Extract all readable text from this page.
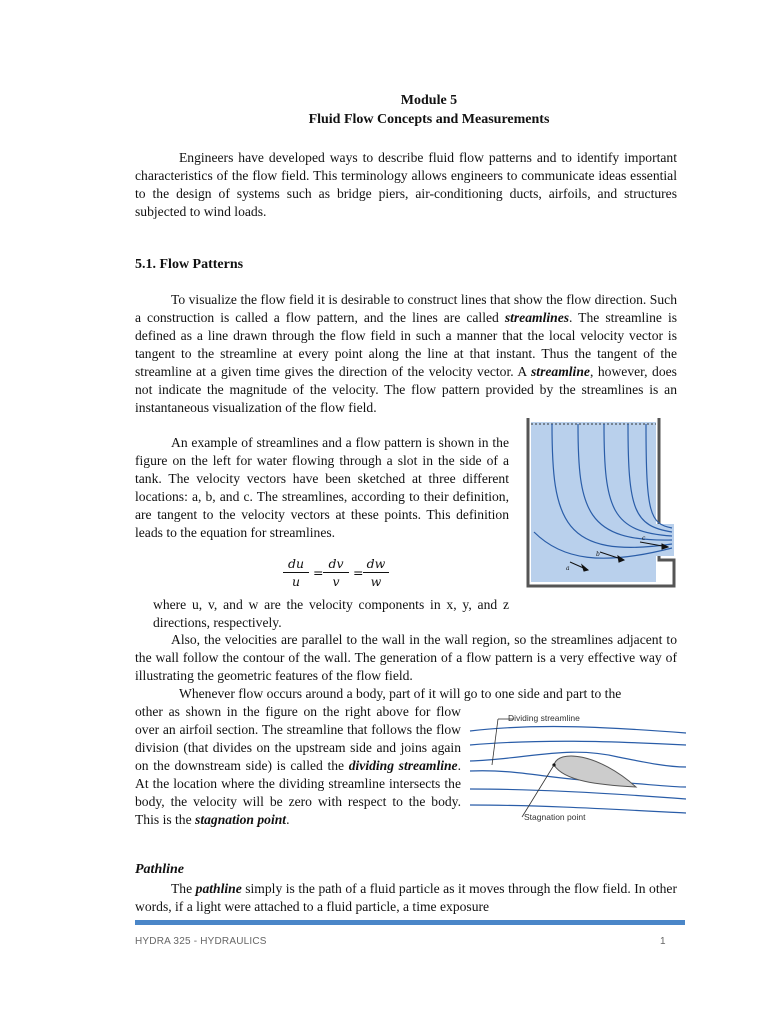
Module 5
Fluid Flow Concepts and Measurements

Engineers have developed ways to describe fluid flow patterns and to identify important characteristics of the flow field. This terminology allows engineers to communicate ideas essential to the design of systems such as bridge piers, air-conditioning ducts, airfoils, and structures subjected to wind loads.

5.1. Flow Patterns

To visualize the flow field it is desirable to construct lines that show the flow direction. Such a construction is called a flow pattern, and the lines are called streamlines. The streamline is defined as a line drawn through the flow field in such a manner that the local velocity vector is tangent to the streamline at every point along the line at that instant. Thus the tangent of the streamline at a given time gives the direction of the velocity vector. A streamline, however, does not indicate the magnitude of the velocity. The flow pattern provided by the streamlines is an instantaneous visualization of the flow field.

An example of streamlines and a flow pattern is shown in the figure on the left for water flowing through a slot in the side of a tank. The velocity vectors have been sketched at three different locations: a, b, and c. The streamlines, according to their definition, are tangent to the velocity vectors at these points. This definition leads to the equation for streamlines.

$\frac{du}{u} = \frac{dv}{v} = \frac{dw}{w}$

where u, v, and w are the velocity components in x, y, and z directions, respectively.

Also, the velocities are parallel to the wall in the wall region, so the streamlines adjacent to the wall follow the contour of the wall. The generation of a flow pattern is a very effective way of illustrating the geometric features of the flow field.

Whenever flow occurs around a body, part of it will go to one side and part to the

other as shown in the figure on the right above for flow over an airfoil section. The streamline that follows the flow division (that divides on the upstream side and joins again on the downstream side) is called the dividing streamline. At the location where the dividing streamline intersects the body, the velocity will be zero with respect to the body. This is the stagnation point.

Pathline

The pathline simply is the path of a fluid particle as it moves through the flow field. In other words, if a light were attached to a fluid particle, a time exposure

a
b
c
Dividing streamline
Stagnation point
HYDRA 325 - HYDRAULICS	1
